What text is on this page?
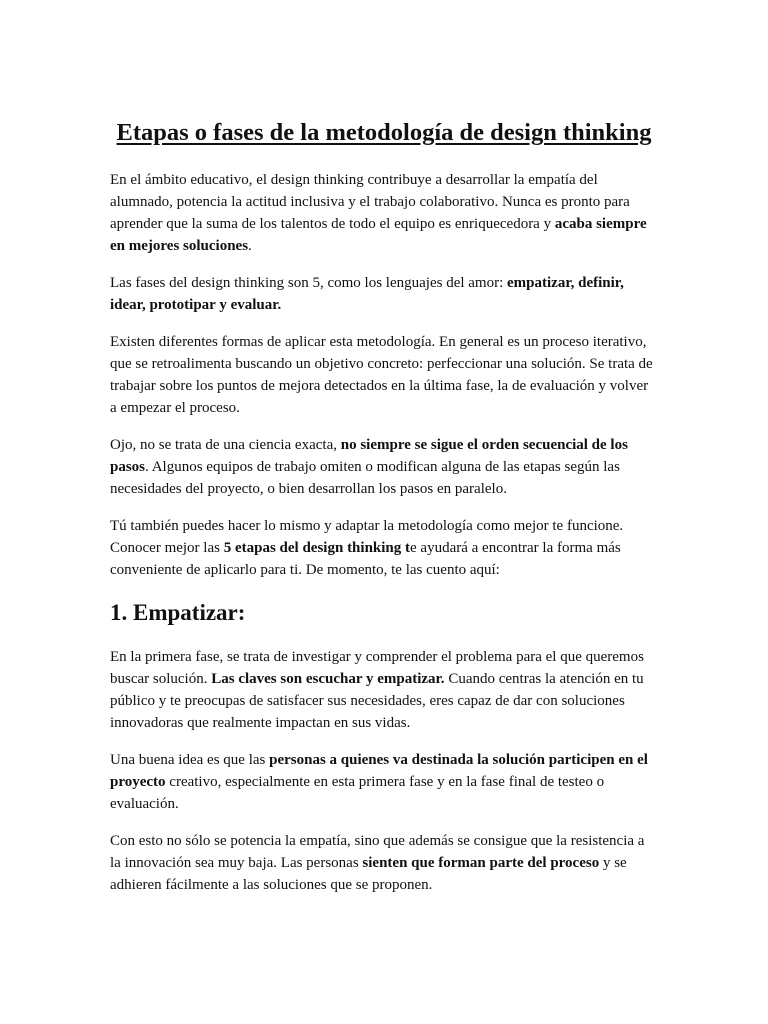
Etapas o fases de la metodología de design thinking

En el ámbito educativo, el design thinking contribuye a desarrollar la empatía del alumnado, potencia la actitud inclusiva y el trabajo colaborativo. Nunca es pronto para aprender que la suma de los talentos de todo el equipo es enriquecedora y acaba siempre en mejores soluciones.

Las fases del design thinking son 5, como los lenguajes del amor: empatizar, definir, idear, prototipar y evaluar.

Existen diferentes formas de aplicar esta metodología. En general es un proceso iterativo, que se retroalimenta buscando un objetivo concreto: perfeccionar una solución. Se trata de trabajar sobre los puntos de mejora detectados en la última fase, la de evaluación y volver a empezar el proceso.

Ojo, no se trata de una ciencia exacta, no siempre se sigue el orden secuencial de los pasos. Algunos equipos de trabajo omiten o modifican alguna de las etapas según las necesidades del proyecto, o bien desarrollan los pasos en paralelo.

Tú también puedes hacer lo mismo y adaptar la metodología como mejor te funcione. Conocer mejor las 5 etapas del design thinking te ayudará a encontrar la forma más conveniente de aplicarlo para ti. De momento, te las cuento aquí:

1. Empatizar:

En la primera fase, se trata de investigar y comprender el problema para el que queremos buscar solución. Las claves son escuchar y empatizar. Cuando centras la atención en tu público y te preocupas de satisfacer sus necesidades, eres capaz de dar con soluciones innovadoras que realmente impactan en sus vidas.

Una buena idea es que las personas a quienes va destinada la solución participen en el proyecto creativo, especialmente en esta primera fase y en la fase final de testeo o evaluación.

Con esto no sólo se potencia la empatía, sino que además se consigue que la resistencia a la innovación sea muy baja. Las personas sienten que forman parte del proceso y se adhieren fácilmente a las soluciones que se proponen.
